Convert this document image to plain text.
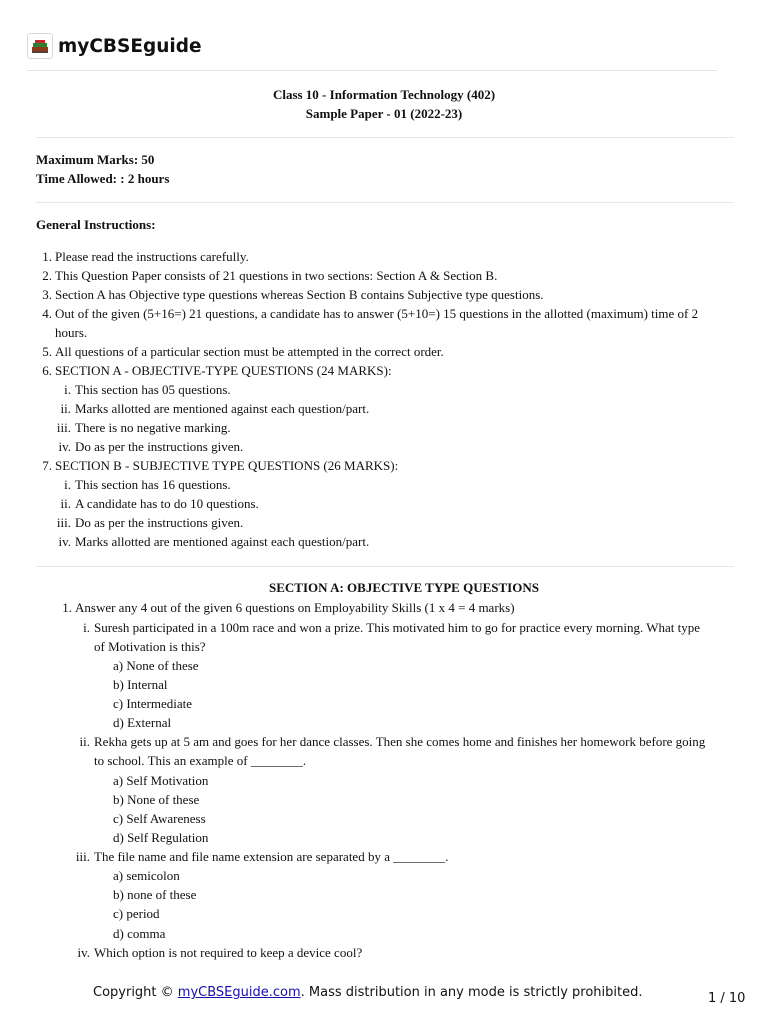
myCBSEguide
Class 10 - Information Technology (402)
Sample Paper - 01 (2022-23)
Maximum Marks: 50
Time Allowed: : 2 hours
General Instructions:
1. Please read the instructions carefully.
2. This Question Paper consists of 21 questions in two sections: Section A & Section B.
3. Section A has Objective type questions whereas Section B contains Subjective type questions.
4. Out of the given (5+16=) 21 questions, a candidate has to answer (5+10=) 15 questions in the allotted (maximum) time of 2
hours.
5. All questions of a particular section must be attempted in the correct order.
6. SECTION A - OBJECTIVE-TYPE QUESTIONS (24 MARKS):
i. This section has 05 questions.
ii. Marks allotted are mentioned against each question/part.
iii. There is no negative marking.
iv. Do as per the instructions given.
7. SECTION B - SUBJECTIVE TYPE QUESTIONS (26 MARKS):
i. This section has 16 questions.
ii. A candidate has to do 10 questions.
iii. Do as per the instructions given.
iv. Marks allotted are mentioned against each question/part.
SECTION A: OBJECTIVE TYPE QUESTIONS
1. Answer any 4 out of the given 6 questions on Employability Skills (1 x 4 = 4 marks)
i. Suresh participated in a 100m race and won a prize. This motivated him to go for practice every morning. What type
of Motivation is this?
a) None of these
b) Internal
c) Intermediate
d) External
ii. Rekha gets up at 5 am and goes for her dance classes. Then she comes home and finishes her homework before going
to school. This an example of ________.
a) Self Motivation
b) None of these
c) Self Awareness
d) Self Regulation
iii. The file name and file name extension are separated by a ________.
a) semicolon
b) none of these
c) period
d) comma
iv. Which option is not required to keep a device cool?
Copyright © myCBSEguide.com. Mass distribution in any mode is strictly prohibited.	1 / 10
